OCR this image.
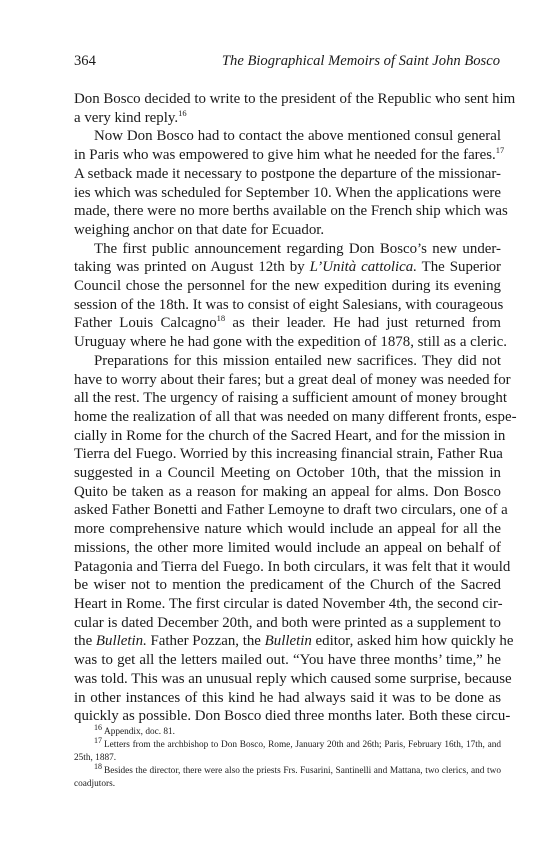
364	The Biographical Memoirs of Saint John Bosco

Don Bosco decided to write to the president of the Republic who sent him
a very kind reply.$^{16}$

Now Don Bosco had to contact the above mentioned consul general
in Paris who was empowered to give him what he needed for the fares.$^{17}$
A setback made it necessary to postpone the departure of the missionar-
ies which was scheduled for September 10. When the applications were
made, there were no more berths available on the French ship which was
weighing anchor on that date for Ecuador.

The first public announcement regarding Don Bosco’s new under-
taking was printed on August 12th by L’Unità cattolica. The Superior
Council chose the personnel for the new expedition during its evening
session of the 18th. It was to consist of eight Salesians, with courageous
Father Louis Calcagno$^{18}$ as their leader. He had just returned from
Uruguay where he had gone with the expedition of 1878, still as a cleric.

Preparations for this mission entailed new sacrifices. They did not
have to worry about their fares; but a great deal of money was needed for
all the rest. The urgency of raising a sufficient amount of money brought
home the realization of all that was needed on many different fronts, espe-
cially in Rome for the church of the Sacred Heart, and for the mission in
Tierra del Fuego. Worried by this increasing financial strain, Father Rua
suggested in a Council Meeting on October 10th, that the mission in
Quito be taken as a reason for making an appeal for alms. Don Bosco
asked Father Bonetti and Father Lemoyne to draft two circulars, one of a
more comprehensive nature which would include an appeal for all the
missions, the other more limited would include an appeal on behalf of
Patagonia and Tierra del Fuego. In both circulars, it was felt that it would
be wiser not to mention the predicament of the Church of the Sacred
Heart in Rome. The first circular is dated November 4th, the second cir-
cular is dated December 20th, and both were printed as a supplement to
the Bulletin. Father Pozzan, the Bulletin editor, asked him how quickly he
was to get all the letters mailed out. “You have three months’ time,” he
was told. This was an unusual reply which caused some surprise, because
in other instances of this kind he had always said it was to be done as
quickly as possible. Don Bosco died three months later. Both these circu-

16 Appendix, doc. 81.
17 Letters from the archbishop to Don Bosco, Rome, January 20th and 26th; Paris, February 16th, 17th, and
25th, 1887.
18 Besides the director, there were also the priests Frs. Fusarini, Santinelli and Mattana, two clerics, and two
coadjutors.
